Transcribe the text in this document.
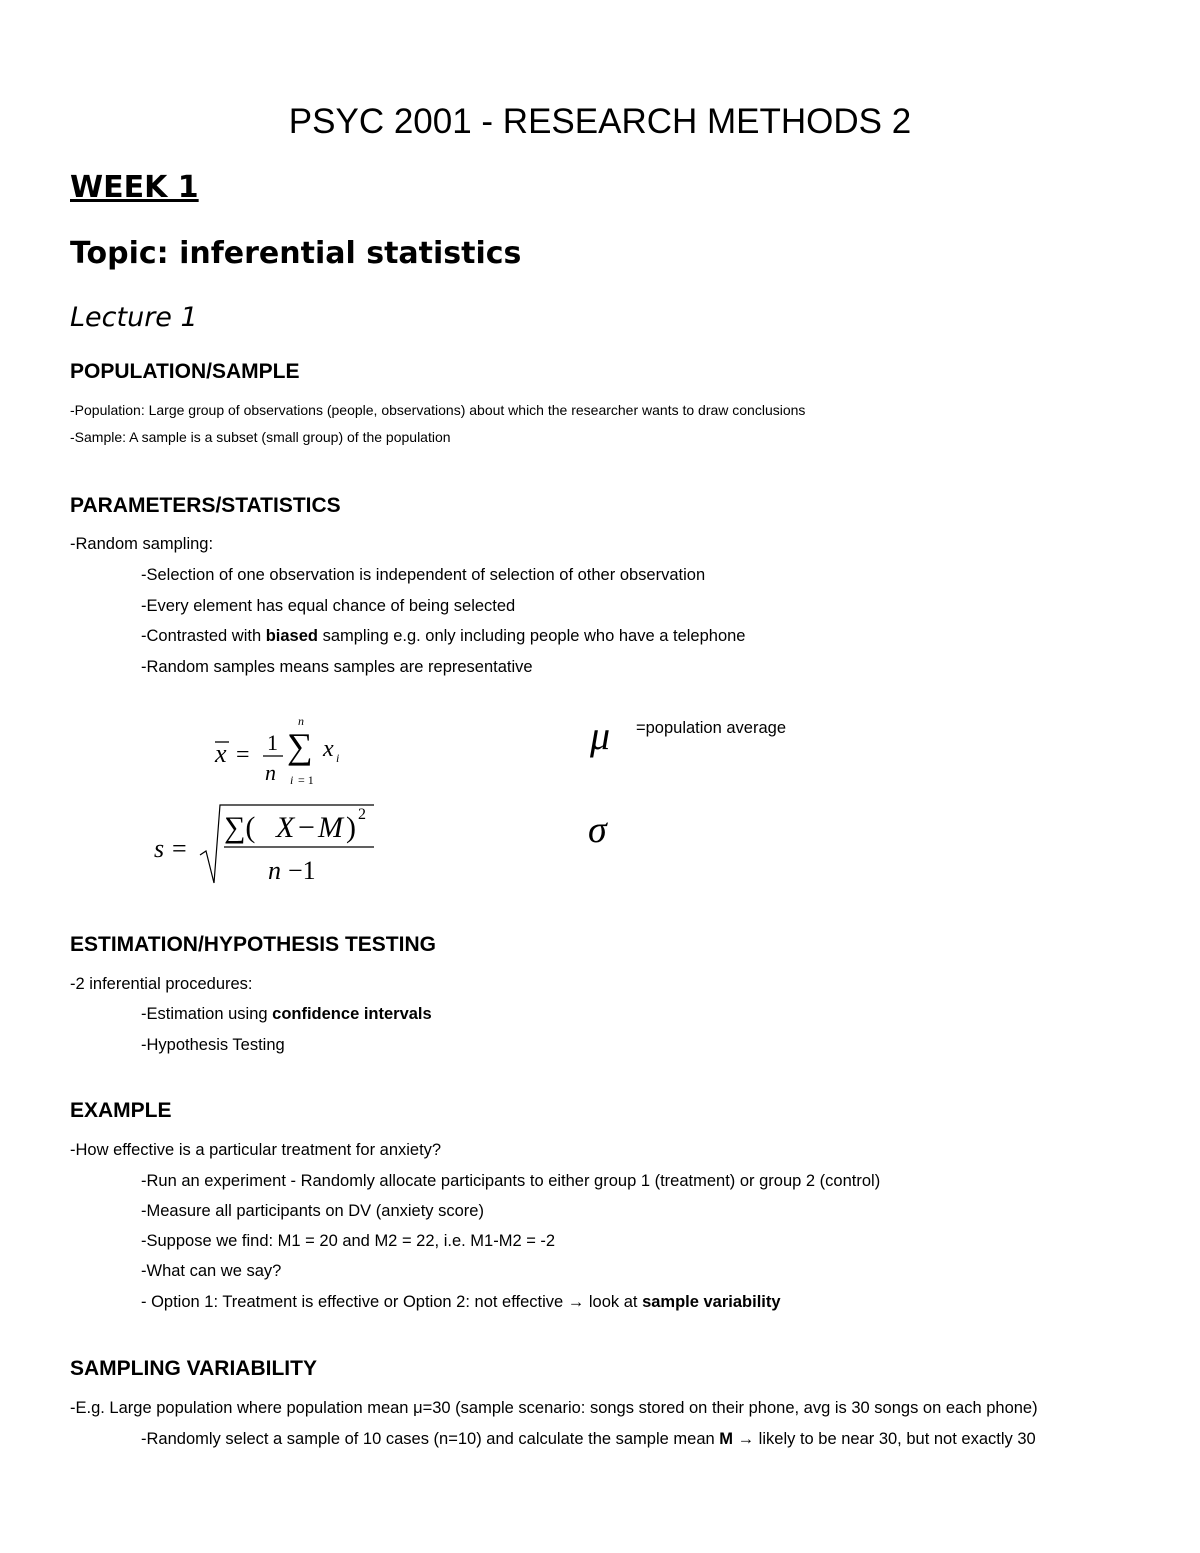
PSYC 2001 - RESEARCH METHODS 2
WEEK 1
Topic: inferential statistics
Lecture 1
POPULATION/SAMPLE
-Population: Large group of observations (people, observations) about which the researcher wants to draw conclusions
-Sample: A sample is a subset (small group) of the population
PARAMETERS/STATISTICS
-Random sampling:
-Selection of one observation is independent of selection of other observation
-Every element has equal chance of being selected
-Contrasted with biased sampling e.g. only including people who have a telephone
-Random samples means samples are representative
x = 1
n
∑
n
i = 1
x i
s =
∑( X − M ) 2
n −1
μ =population average
σ
ESTIMATION/HYPOTHESIS TESTING
-2 inferential procedures:
-Estimation using confidence intervals
-Hypothesis Testing
EXAMPLE
-How effective is a particular treatment for anxiety?
-Run an experiment - Randomly allocate participants to either group 1 (treatment) or group 2 (control)
-Measure all participants on DV (anxiety score)
-Suppose we find: M1 = 20 and M2 = 22, i.e. M1-M2 = -2
-What can we say?
- Option 1: Treatment is effective or Option 2: not effective → look at sample variability
SAMPLING VARIABILITY
-E.g. Large population where population mean μ=30 (sample scenario: songs stored on their phone, avg is 30 songs on each phone)
-Randomly select a sample of 10 cases (n=10) and calculate the sample mean M → likely to be near 30, but not exactly 30
